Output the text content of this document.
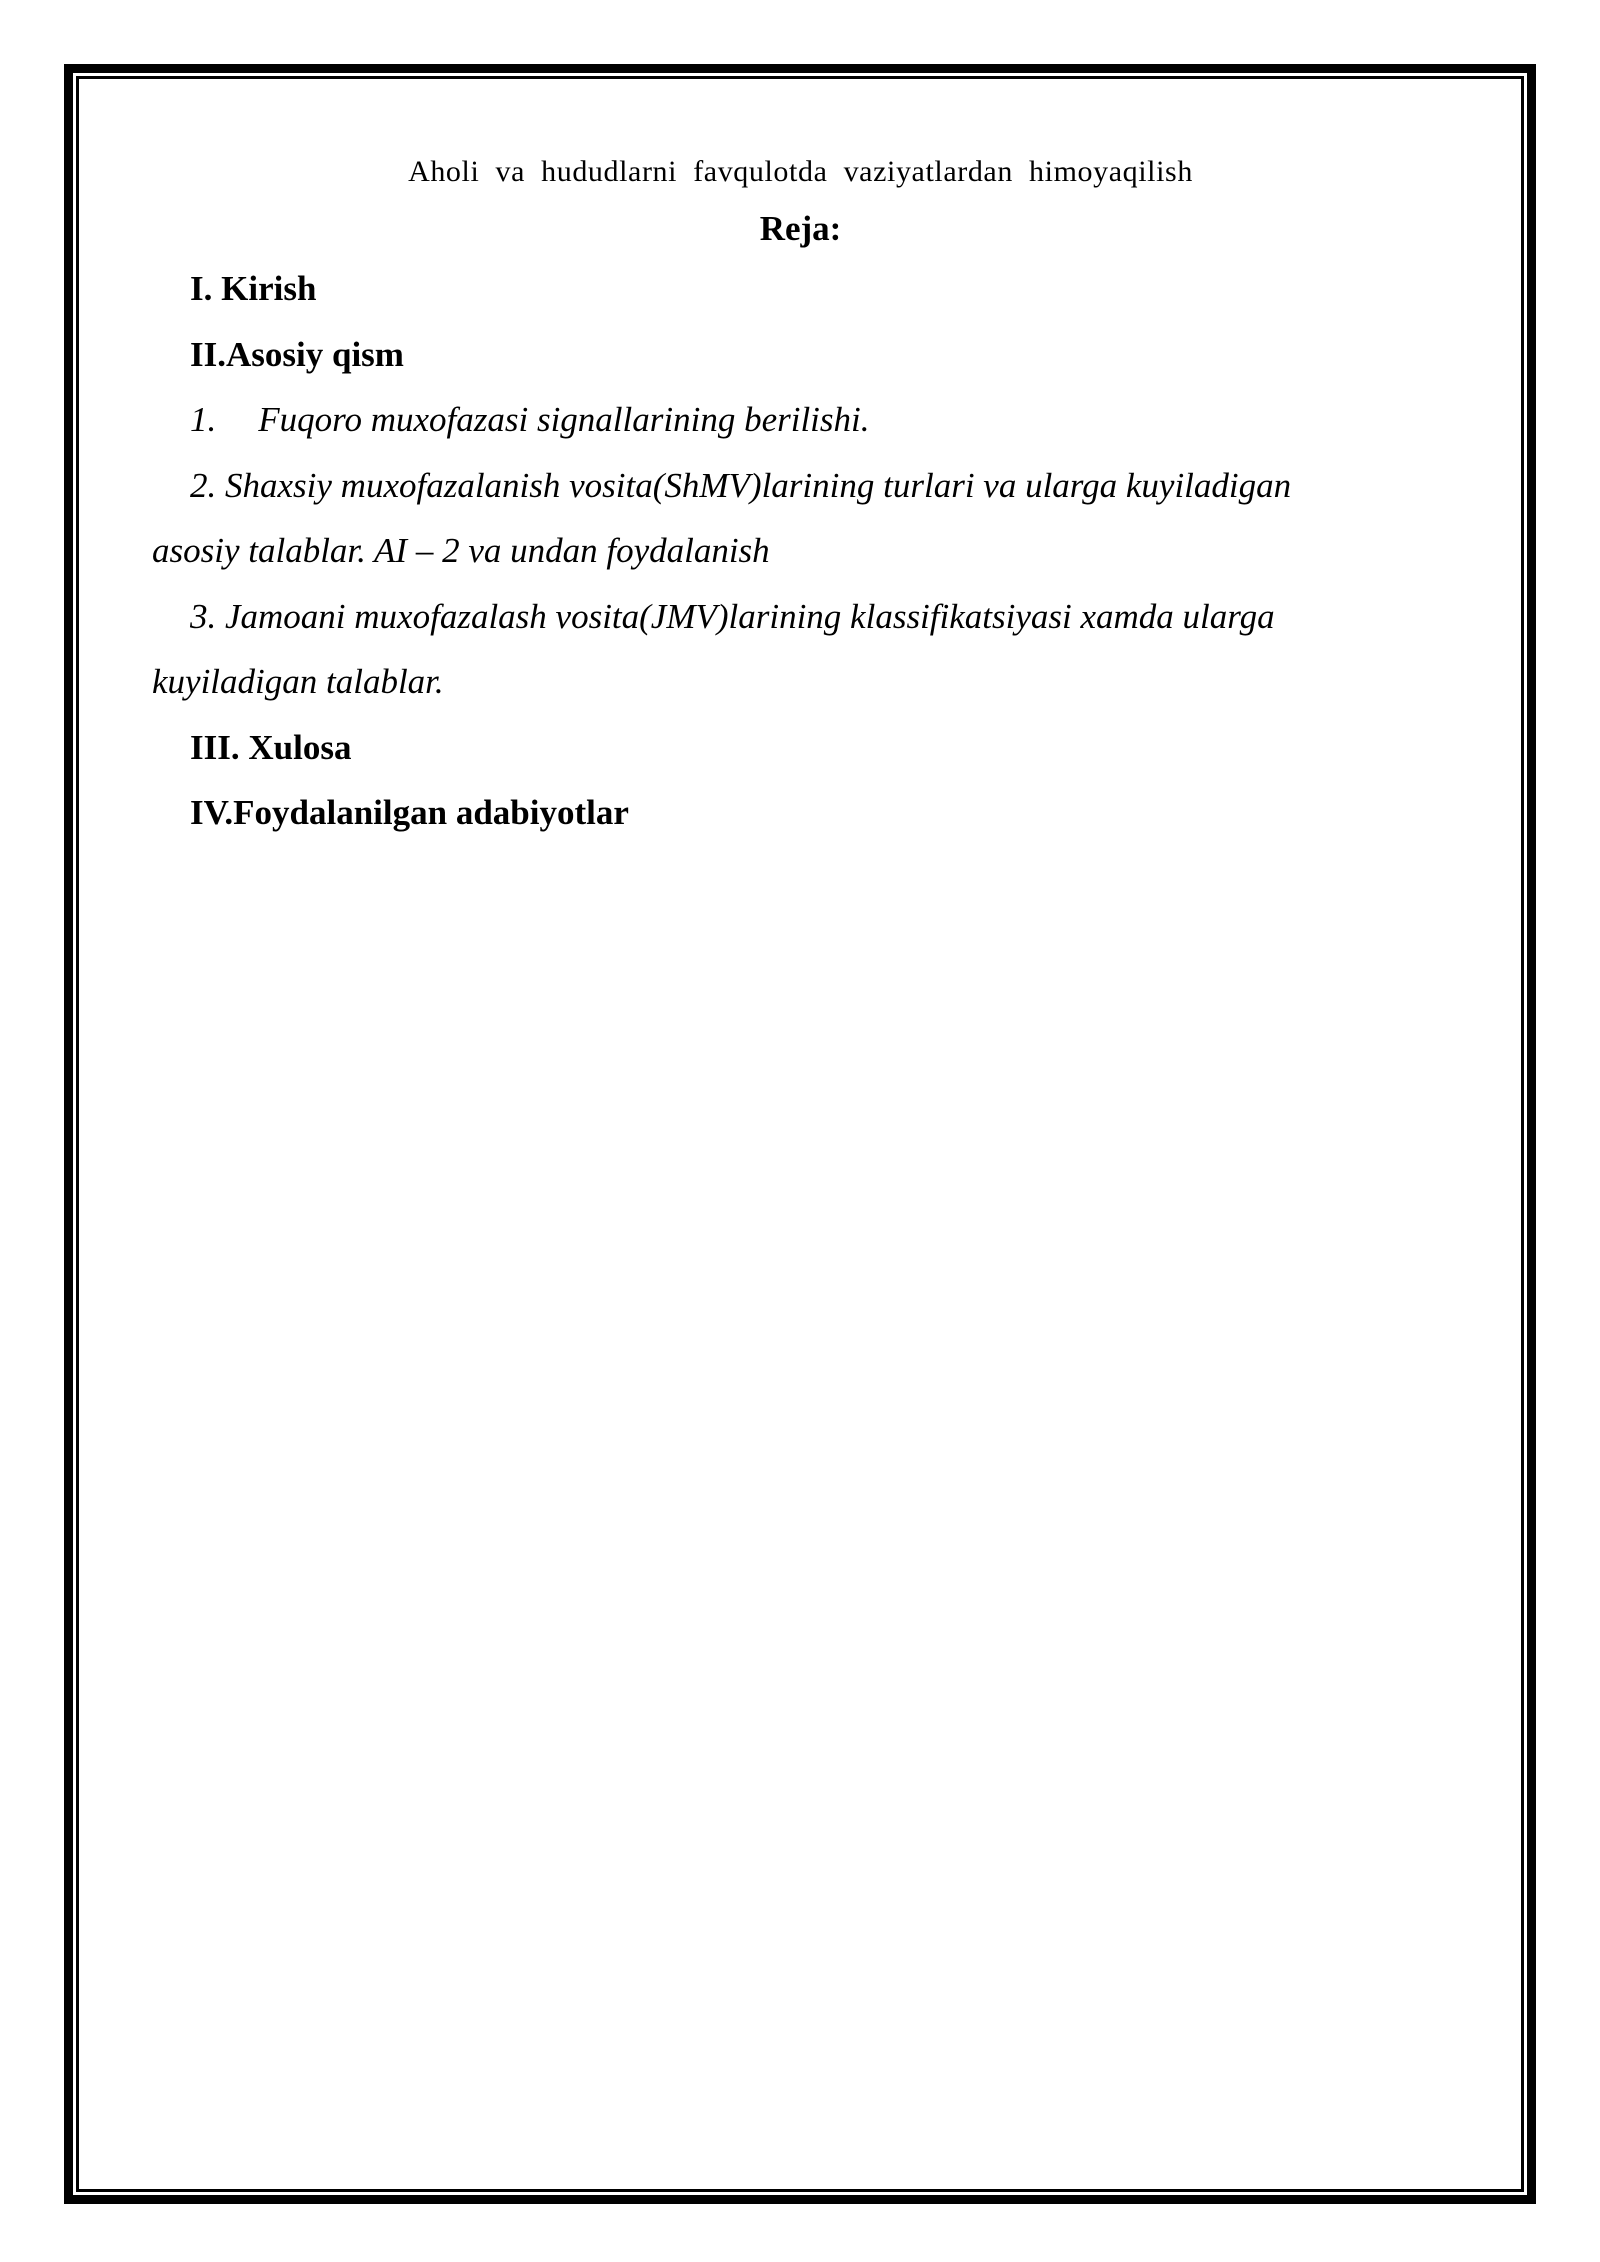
Aholi va hududlarni favqulotda vaziyatlardan himoyaqilish
Reja:
I. Kirish
II.Asosiy qism
1. Fuqoro muxofazasi signallarining berilishi.
2. Shaxsiy muxofazalanish vosita(ShMV)larining turlari va ularga kuyiladigan
asosiy talablar. AI – 2 va undan foydalanish
3. Jamoani muxofazalash vosita(JMV)larining klassifikatsiyasi xamda ularga
kuyiladigan talablar.
III. Xulosa
IV.Foydalanilgan adabiyotlar
